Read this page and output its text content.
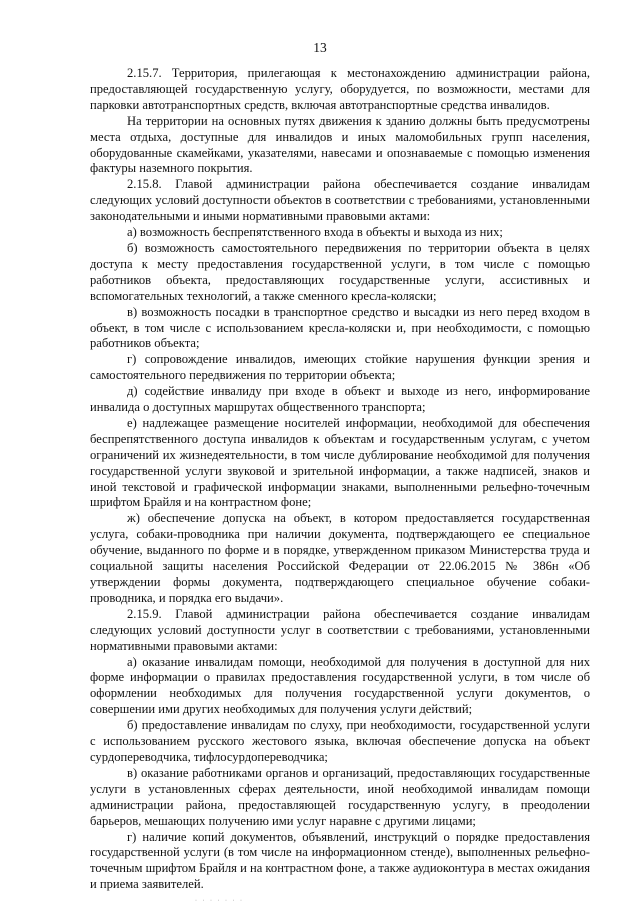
13

2.15.7. Территория, прилегающая к местонахождению администрации района, предоставляющей государственную услугу, оборудуется, по возможности, местами для парковки автотранспортных средств, включая автотранспортные средства инвалидов.

На территории на основных путях движения к зданию должны быть предусмотрены места отдыха, доступные для инвалидов и иных маломобильных групп населения, оборудованные скамейками, указателями, навесами и опознаваемые с помощью изменения фактуры наземного покрытия.

2.15.8. Главой администрации района обеспечивается создание инвалидам следующих условий доступности объектов в соответствии с требованиями, установленными законодательными и иными нормативными правовыми актами:

а) возможность беспрепятственного входа в объекты и выхода из них;

б) возможность самостоятельного передвижения по территории объекта в целях доступа к месту предоставления государственной услуги, в том числе с помощью работников объекта, предоставляющих государственные услуги, ассистивных и вспомогательных технологий, а также сменного кресла-коляски;

в) возможность посадки в транспортное средство и высадки из него перед входом в объект, в том числе с использованием кресла-коляски и, при необходимости, с помощью работников объекта;

г) сопровождение инвалидов, имеющих стойкие нарушения функции зрения и самостоятельного передвижения по территории объекта;

д) содействие инвалиду при входе в объект и выходе из него, информирование инвалида о доступных маршрутах общественного транспорта;

е) надлежащее размещение носителей информации, необходимой для обеспечения беспрепятственного доступа инвалидов к объектам и государственным услугам, с учетом ограничений их жизнедеятельности, в том числе дублирование необходимой для получения государственной услуги звуковой и зрительной информации, а также надписей, знаков и иной текстовой и графической информации знаками, выполненными рельефно-точечным шрифтом Брайля и на контрастном фоне;

ж) обеспечение допуска на объект, в котором предоставляется государственная услуга, собаки-проводника при наличии документа, подтверждающего ее специальное обучение, выданного по форме и в порядке, утвержденном приказом Министерства труда и социальной защиты населения Российской Федерации от 22.06.2015 № 386н «Об утверждении формы документа, подтверждающего специальное обучение собаки-проводника, и порядка его выдачи».

2.15.9. Главой администрации района обеспечивается создание инвалидам следующих условий доступности услуг в соответствии с требованиями, установленными нормативными правовыми актами:

а) оказание инвалидам помощи, необходимой для получения в доступной для них форме информации о правилах предоставления государственной услуги, в том числе об оформлении необходимых для получения государственной услуги документов, о совершении ими других необходимых для получения услуги действий;

б) предоставление инвалидам по слуху, при необходимости, государственной услуги с использованием русского жестового языка, включая обеспечение допуска на объект сурдопереводчика, тифлосурдопереводчика;

в) оказание работниками органов и организаций, предоставляющих государственные услуги в установленных сферах деятельности, иной необходимой инвалидам помощи администрации района, предоставляющей государственную услугу, в преодолении барьеров, мешающих получению ими услуг наравне с другими лицами;

г) наличие копий документов, объявлений, инструкций о порядке предоставления государственной услуги (в том числе на информационном стенде), выполненных рельефно-точечным шрифтом Брайля и на контрастном фоне, а также аудиоконтура в местах ожидания и приема заявителей.

· · · · · · ·
